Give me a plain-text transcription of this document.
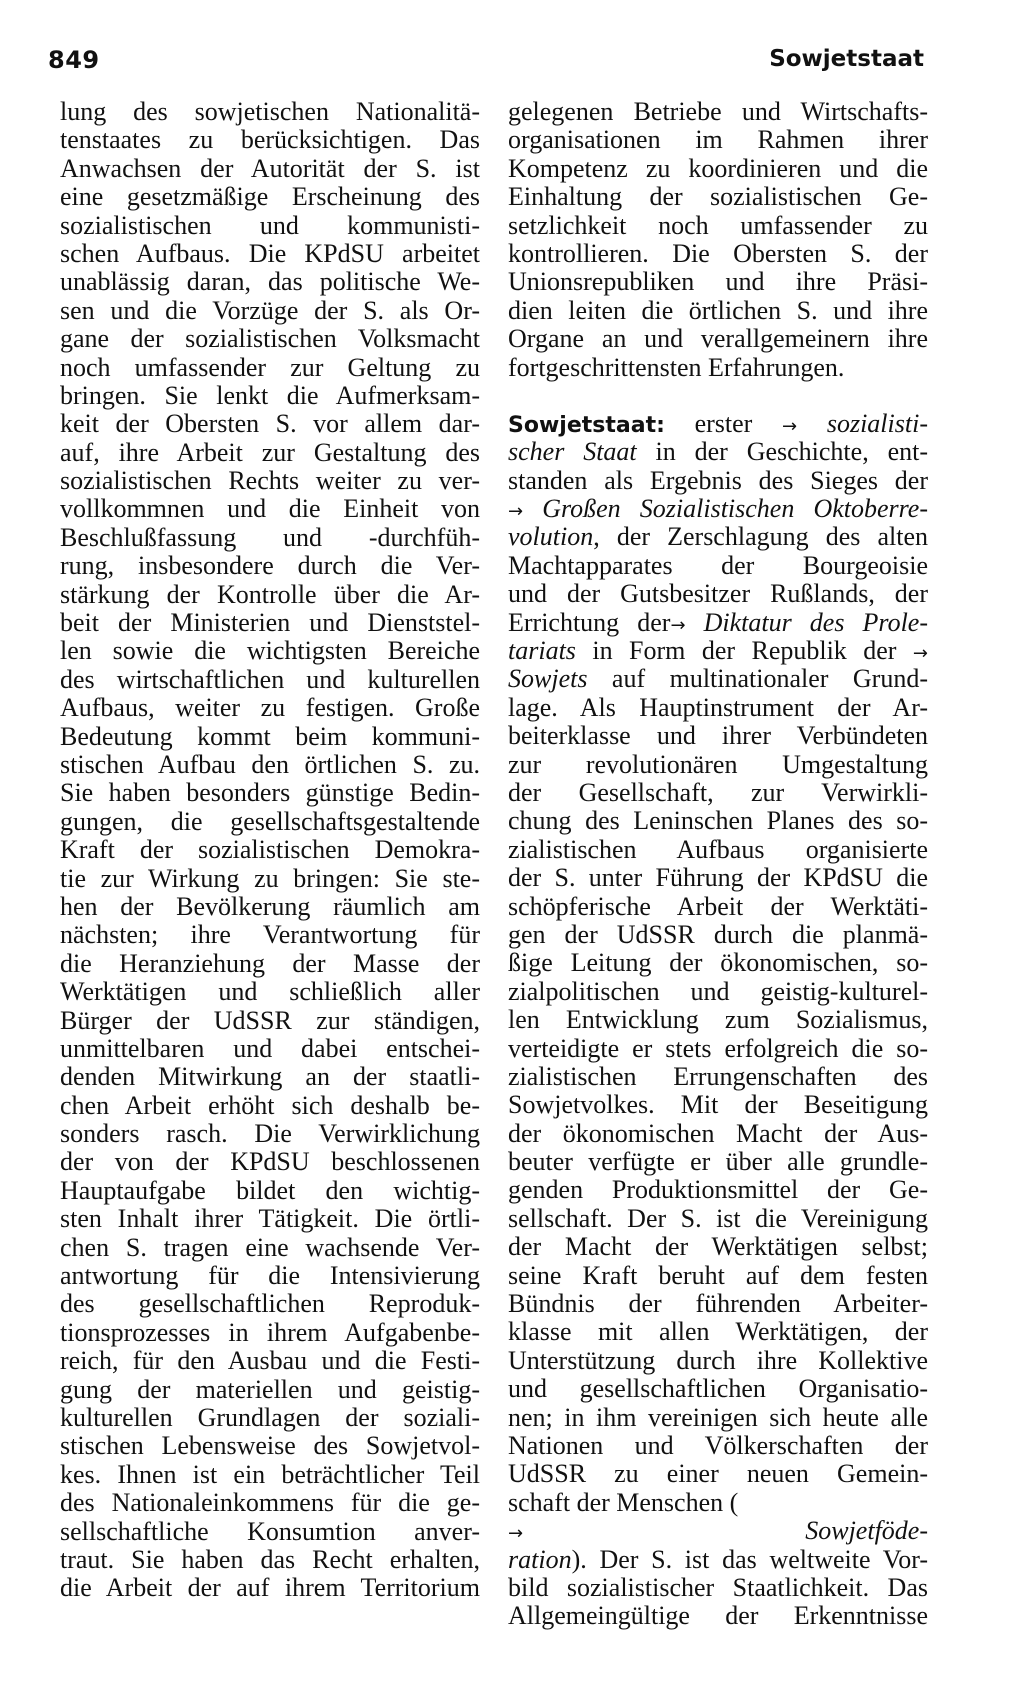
849	Sowjetstaat
lung des sowjetischen Nationalitä-
tenstaates zu berücksichtigen. Das
Anwachsen der Autorität der S. ist
eine gesetzmäßige Erscheinung des
sozialistischen und kommunisti-
schen Aufbaus. Die KPdSU arbeitet
unablässig daran, das politische We-
sen und die Vorzüge der S. als Or-
gane der sozialistischen Volksmacht
noch umfassender zur Geltung zu
bringen. Sie lenkt die Aufmerksam-
keit der Obersten S. vor allem dar-
auf, ihre Arbeit zur Gestaltung des
sozialistischen Rechts weiter zu ver-
vollkommnen und die Einheit von
Beschlußfassung und -durchfüh-
rung, insbesondere durch die Ver-
stärkung der Kontrolle über die Ar-
beit der Ministerien und Dienststel-
len sowie die wichtigsten Bereiche
des wirtschaftlichen und kulturellen
Aufbaus, weiter zu festigen. Große
Bedeutung kommt beim kommuni-
stischen Aufbau den örtlichen S. zu.
Sie haben besonders günstige Bedin-
gungen, die gesellschaftsgestaltende
Kraft der sozialistischen Demokra-
tie zur Wirkung zu bringen: Sie ste-
hen der Bevölkerung räumlich am
nächsten; ihre Verantwortung für
die Heranziehung der Masse der
Werktätigen und schließlich aller
Bürger der UdSSR zur ständigen,
unmittelbaren und dabei entschei-
denden Mitwirkung an der staatli-
chen Arbeit erhöht sich deshalb be-
sonders rasch. Die Verwirklichung
der von der KPdSU beschlossenen
Hauptaufgabe bildet den wichtig-
sten Inhalt ihrer Tätigkeit. Die örtli-
chen S. tragen eine wachsende Ver-
antwortung für die Intensivierung
des gesellschaftlichen Reproduk-
tionsprozesses in ihrem Aufgabenbe-
reich, für den Ausbau und die Festi-
gung der materiellen und geistig-
kulturellen Grundlagen der soziali-
stischen Lebensweise des Sowjetvol-
kes. Ihnen ist ein beträchtlicher Teil
des Nationaleinkommens für die ge-
sellschaftliche Konsumtion anver-
traut. Sie haben das Recht erhalten,
die Arbeit der auf ihrem Territorium
gelegenen Betriebe und Wirtschafts-
organisationen im Rahmen ihrer
Kompetenz zu koordinieren und die
Einhaltung der sozialistischen Ge-
setzlichkeit noch umfassender zu
kontrollieren. Die Obersten S. der
Unionsrepubliken und ihre Präsi-
dien leiten die örtlichen S. und ihre
Organe an und verallgemeinern ihre
fortgeschrittensten Erfahrungen.
Sowjetstaat: erster → sozialisti-
scher Staat in der Geschichte, ent-
standen als Ergebnis des Sieges der
→ Großen Sozialistischen Oktoberre-
volution, der Zerschlagung des alten
Machtapparates der Bourgeoisie
und der Gutsbesitzer Rußlands, der
Errichtung der→ Diktatur des Prole-
tariats in Form der Republik der →
Sowjets auf multinationaler Grund-
lage. Als Hauptinstrument der Ar-
beiterklasse und ihrer Verbündeten
zur revolutionären Umgestaltung
der Gesellschaft, zur Verwirkli-
chung des Leninschen Planes des so-
zialistischen Aufbaus organisierte
der S. unter Führung der KPdSU die
schöpferische Arbeit der Werktäti-
gen der UdSSR durch die planmä-
ßige Leitung der ökonomischen, so-
zialpolitischen und geistig-kulturel-
len Entwicklung zum Sozialismus,
verteidigte er stets erfolgreich die so-
zialistischen Errungenschaften des
Sowjetvolkes. Mit der Beseitigung
der ökonomischen Macht der Aus-
beuter verfügte er über alle grundle-
genden Produktionsmittel der Ge-
sellschaft. Der S. ist die Vereinigung
der Macht der Werktätigen selbst;
seine Kraft beruht auf dem festen
Bündnis der führenden Arbeiter-
klasse mit allen Werktätigen, der
Unterstützung durch ihre Kollektive
und gesellschaftlichen Organisatio-
nen; in ihm vereinigen sich heute alle
Nationen und Völkerschaften der
UdSSR zu einer neuen Gemein-
schaft der Menschen (
→ Sowjetföde-
ration). Der S. ist das weltweite Vor-
bild sozialistischer Staatlichkeit. Das
Allgemeingültige der Erkenntnisse
